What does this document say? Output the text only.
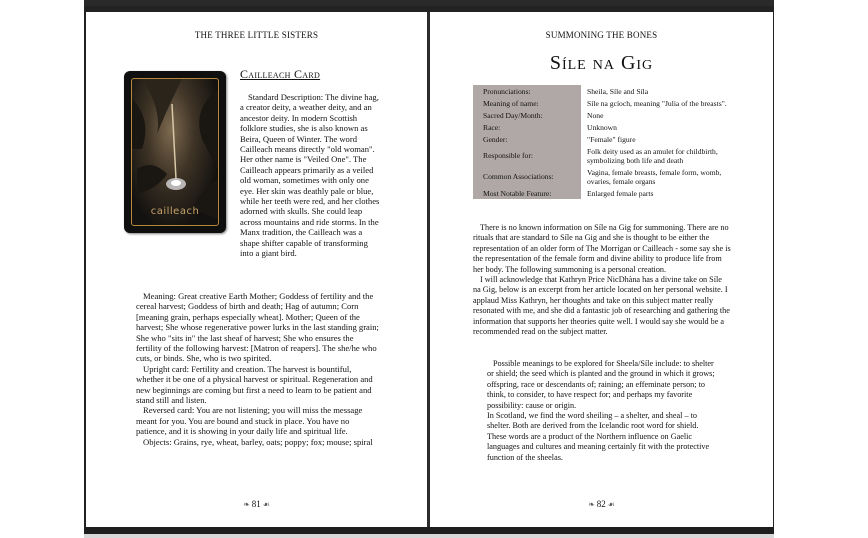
THE THREE LITTLE SISTERS
cailleach
Cailleach Card

Standard Description: The divine hag, a creator deity, a weather deity, and an ancestor deity. In modern Scottish folklore studies, she is also known as Beira, Queen of Winter. The word Cailleach means directly "old woman". Her other name is "Veiled One". The Cailleach appears primarily as a veiled old woman, sometimes with only one eye. Her skin was deathly pale or blue, while her teeth were red, and her clothes adorned with skulls. She could leap across mountains and ride storms. In the Manx tradition, the Cailleach was a shape shifter capable of transforming into a giant bird.

Meaning: Great creative Earth Mother; Goddess of fertility and the cereal harvest; Goddess of birth and death; Hag of autumn; Corn [meaning grain, perhaps especially wheat]. Mother; Queen of the harvest; She whose regenerative power lurks in the last standing grain; She who "sits in" the last sheaf of harvest; She who ensures the fertility of the following harvest: [Matron of reapers]. The she/he who cuts, or binds. She, who is two spirited.

Upright card: Fertility and creation. The harvest is bountiful, whether it be one of a physical harvest or spiritual. Regeneration and new beginnings are coming but first a need to learn to be patient and stand still and listen.

Reversed card: You are not listening; you will miss the message meant for you. You are bound and stuck in place. You have no patience, and it is showing in your daily life and spiritual life.

Objects: Grains, rye, wheat, barley, oats; poppy; fox; mouse; spiral

❧ 81 ☙
SUMMONING THE BONES
Síle na Gig
Pronunciations:	Sheila, Síle and Síla
Meaning of name:	Síle na gcíoch, meaning "Julia of the breasts".
Sacred Day/Month:	None
Race:	Unknown
Gender:	"Female" figure
Responsible for:	Folk deity used as an amulet for childbirth, symbolizing both life and death
Common Associations:	Vagina, female breasts, female form, womb, ovaries, female organs
Most Notable Feature:	Enlarged female parts

There is no known information on Síle na Gig for summoning. There are no rituals that are standard to Síle na Gig and she is thought to be either the representation of an older form of The Morrígan or Cailleach - some say she is the representation of the female form and divine ability to produce life from her body. The following summoning is a personal creation.

I will acknowledge that Kathryn Price NicDhàna has a divine take on Síle na Gig, below is an excerpt from her article located on her personal website. I applaud Miss Kathryn, her thoughts and take on this subject matter really resonated with me, and she did a fantastic job of researching and gathering the information that supports her theories quite well. I would say she would be a recommended read on the subject matter.

Possible meanings to be explored for Sheela/Síle include: to shelter or shield; the seed which is planted and the ground in which it grows; offspring, race or descendants of; raining; an effeminate person; to think, to consider, to have respect for; and perhaps my favorite possibility: cause or origin.

In Scotland, we find the word sheiling – a shelter, and sheal – to shelter. Both are derived from the Icelandic root word for shield. These words are a product of the Northern influence on Gaelic languages and cultures and meaning certainly fit with the protective function of the sheelas.

❧ 82 ☙
